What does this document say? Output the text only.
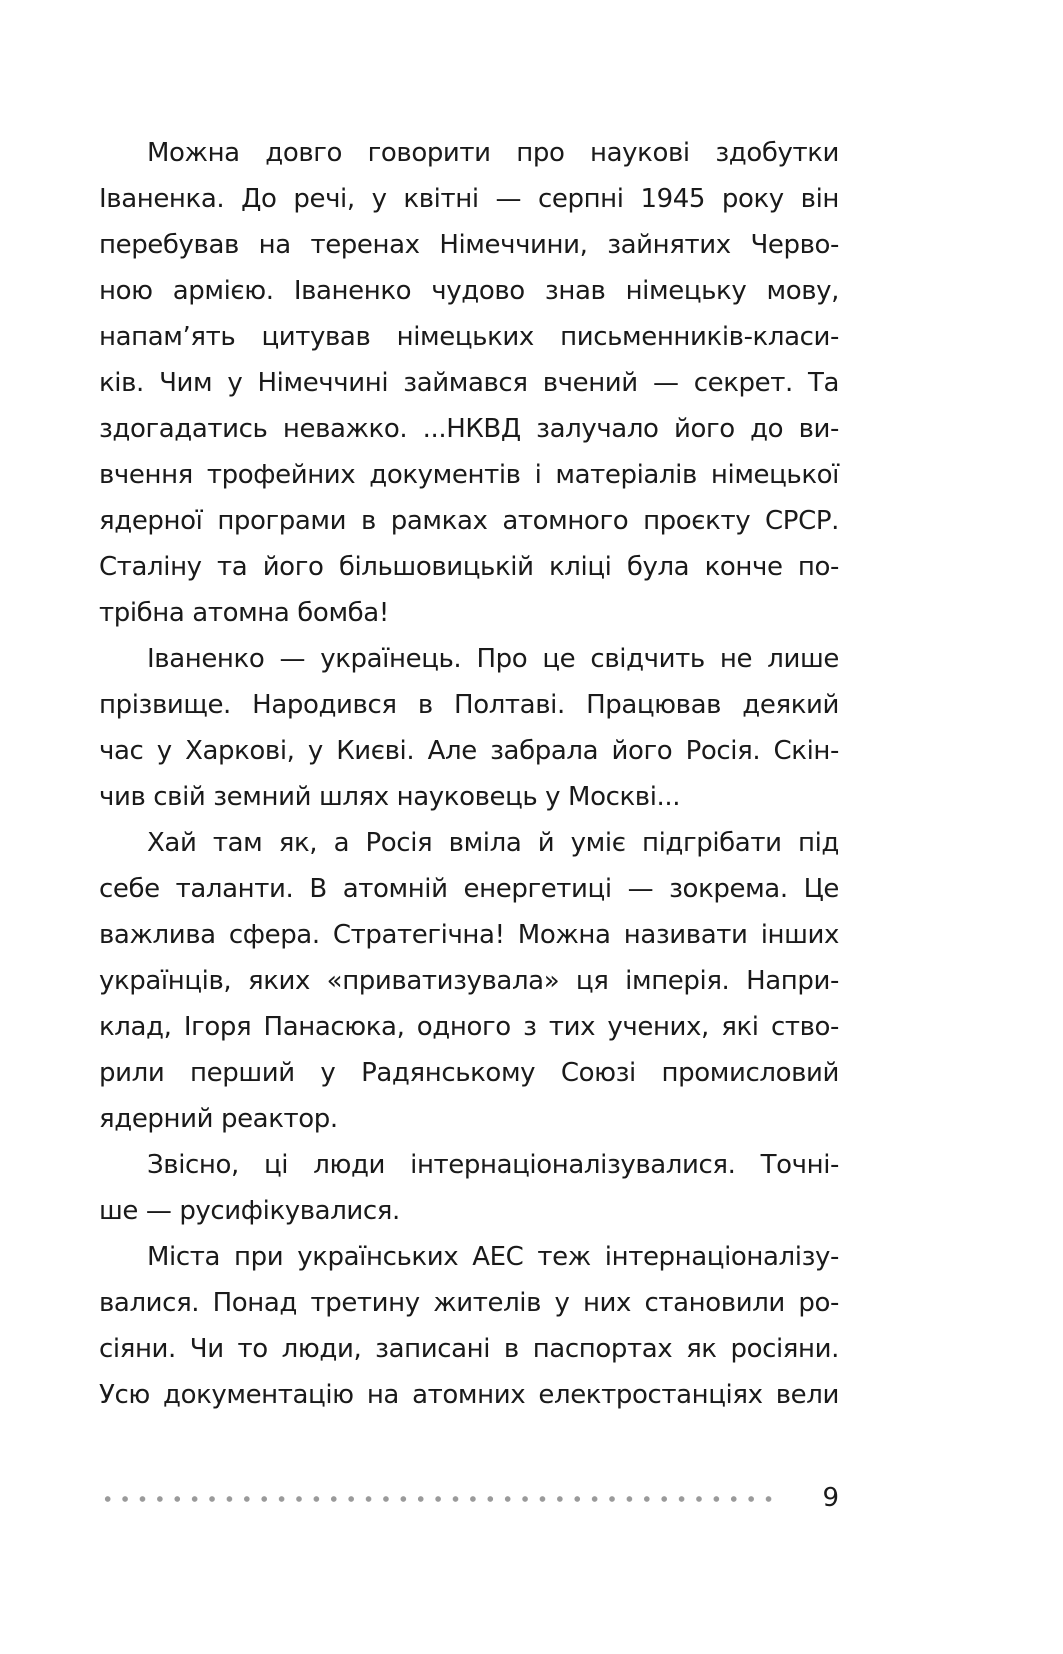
Можна довго говорити про наукові здобутки
Іваненка. До речі, у квітні — серпні 1945 року він
перебував на теренах Німеччини, зайнятих Черво-
ною армією. Іваненко чудово знав німецьку мову,
напам’ять цитував німецьких письменників-класи-
ків. Чим у Німеччині займався вчений — секрет. Та
здогадатись неважко. ...НКВД залучало його до ви-
вчення трофейних документів і матеріалів німецької
ядерної програми в рамках атомного проєкту СРСР.
Сталіну та його більшовицькій кліці була конче по-
трібна атомна бомба!
Іваненко — українець. Про це свідчить не лише
прізвище. Народився в Полтаві. Працював деякий
час у Харкові, у Києві. Але забрала його Росія. Скін-
чив свій земний шлях науковець у Москві...
Хай там як, а Росія вміла й уміє підгрібати під
себе таланти. В атомній енергетиці — зокрема. Це
важлива сфера. Стратегічна! Можна називати інших
українців, яких «приватизувала» ця імперія. Напри-
клад, Ігоря Панасюка, одного з тих учених, які ство-
рили перший у Радянському Союзі промисловий
ядерний реактор.
Звісно, ці люди інтернаціоналізувалися. Точні-
ше — русифікувалися.
Міста при українських АЕС теж інтернаціоналізу-
валися. Понад третину жителів у них становили ро-
сіяни. Чи то люди, записані в паспортах як росіяни.
Усю документацію на атомних електростанціях вели
9
